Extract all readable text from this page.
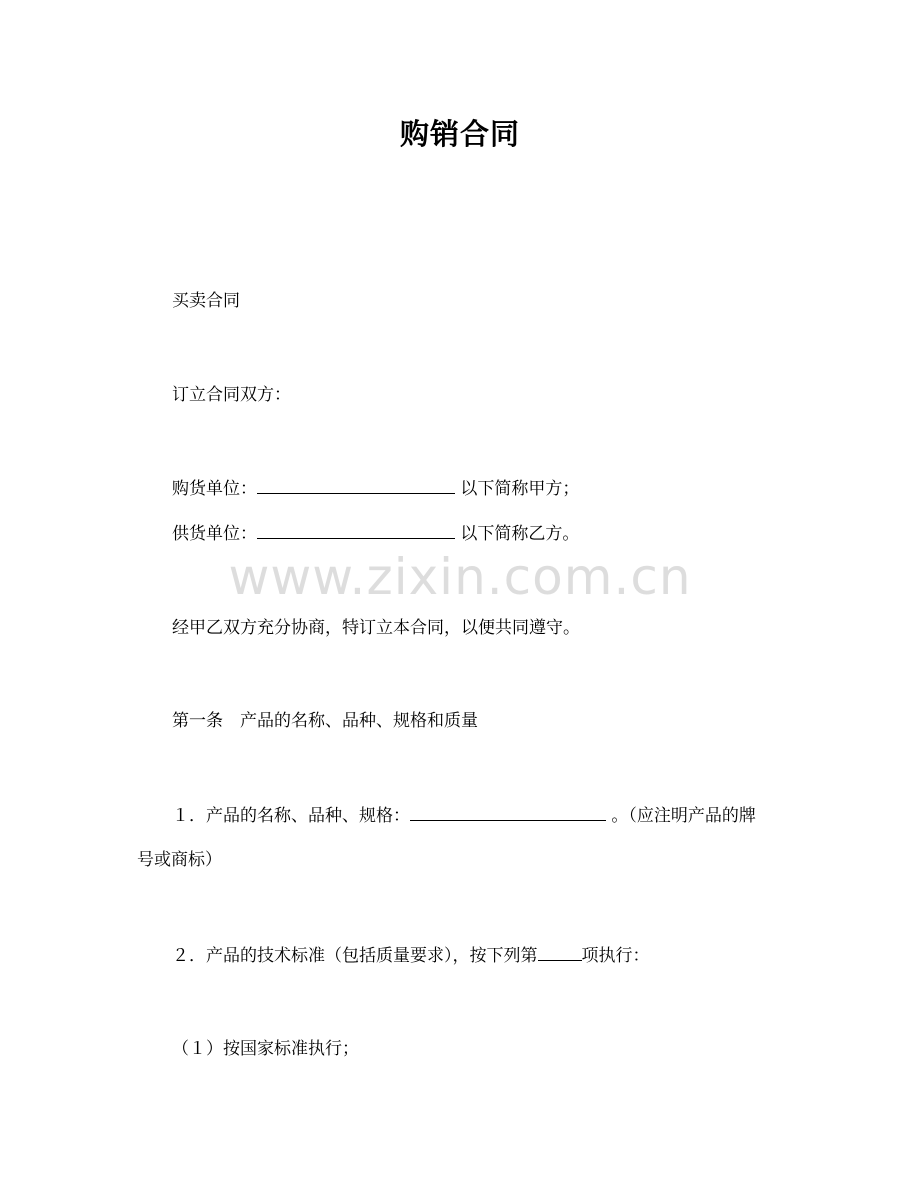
www.zixin.com.cn
购销合同
买卖合同
订立合同双方：
购货单位：	以下简称甲方；
供货单位：	以下简称乙方。
经甲乙双方充分协商，特订立本合同，以便共同遵守。
第一条　产品的名称、品种、规格和质量
１．产品的名称、品种、规格：	。（应注明产品的牌
号或商标）
２．产品的技术标准（包括质量要求），按下列第	项执行：
（１）按国家标准执行；
